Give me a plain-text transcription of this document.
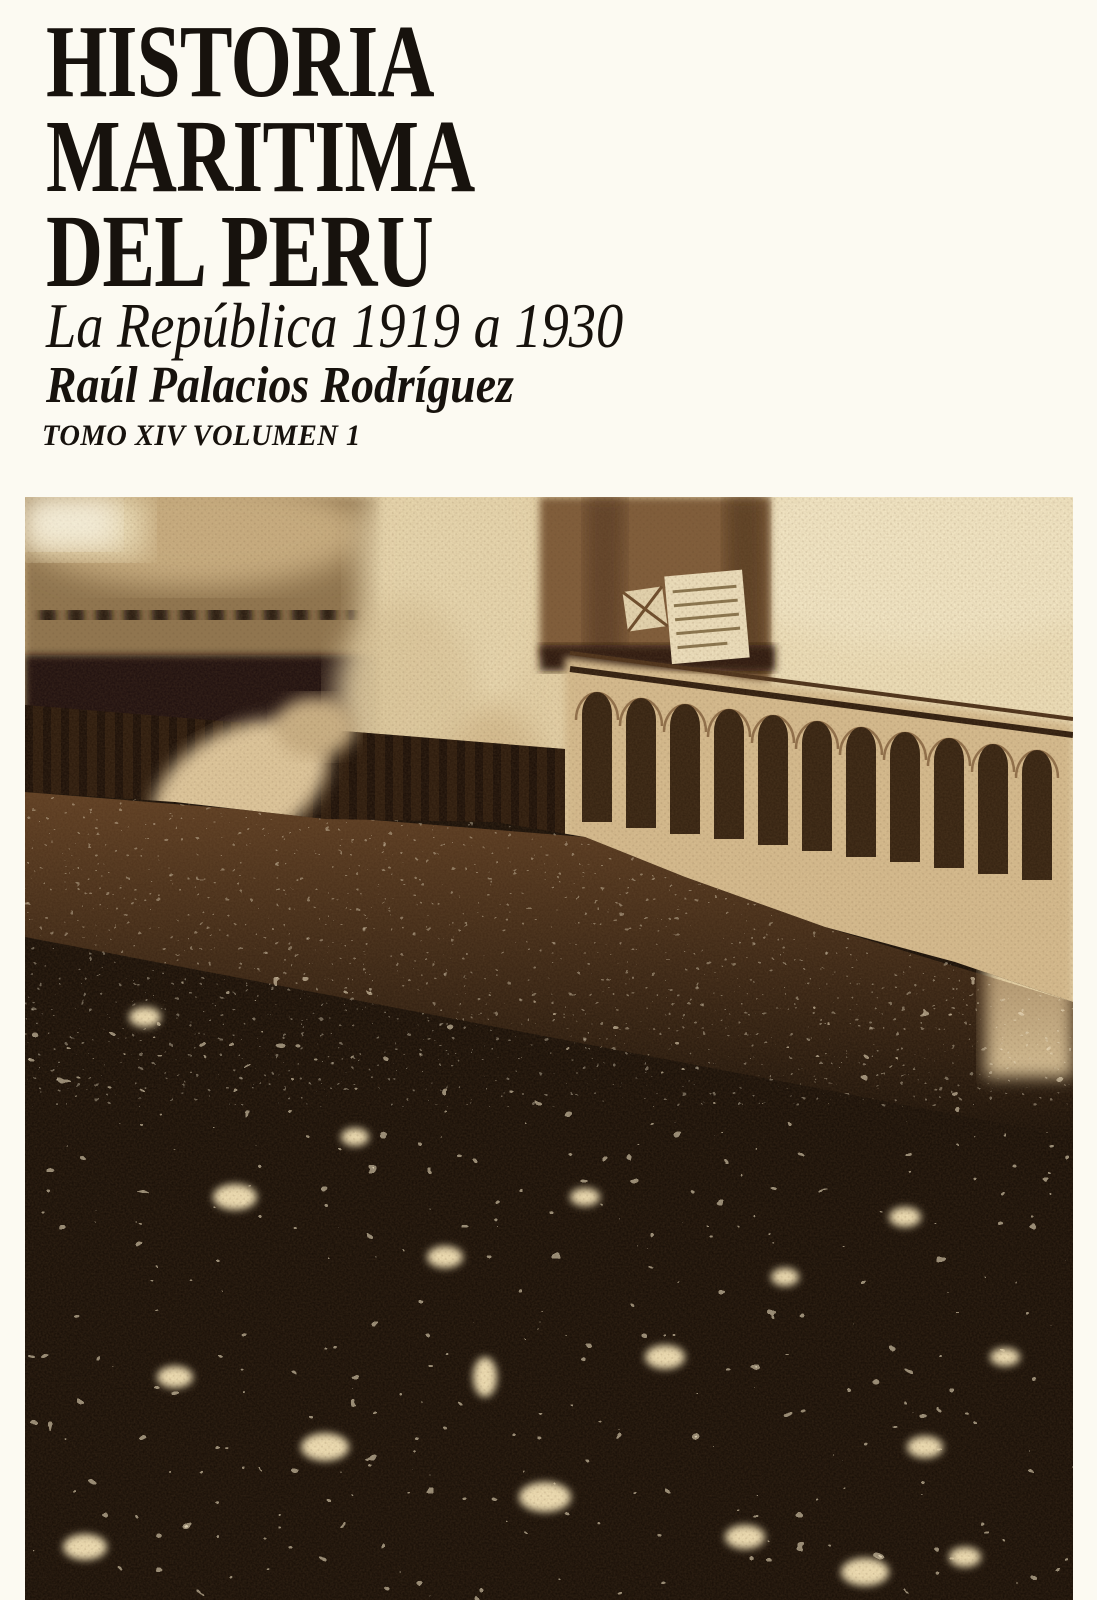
HISTORIA
MARITIMA
DEL PERU

La República 1919 a 1930

Raúl Palacios Rodríguez

TOMO XIV VOLUMEN 1
